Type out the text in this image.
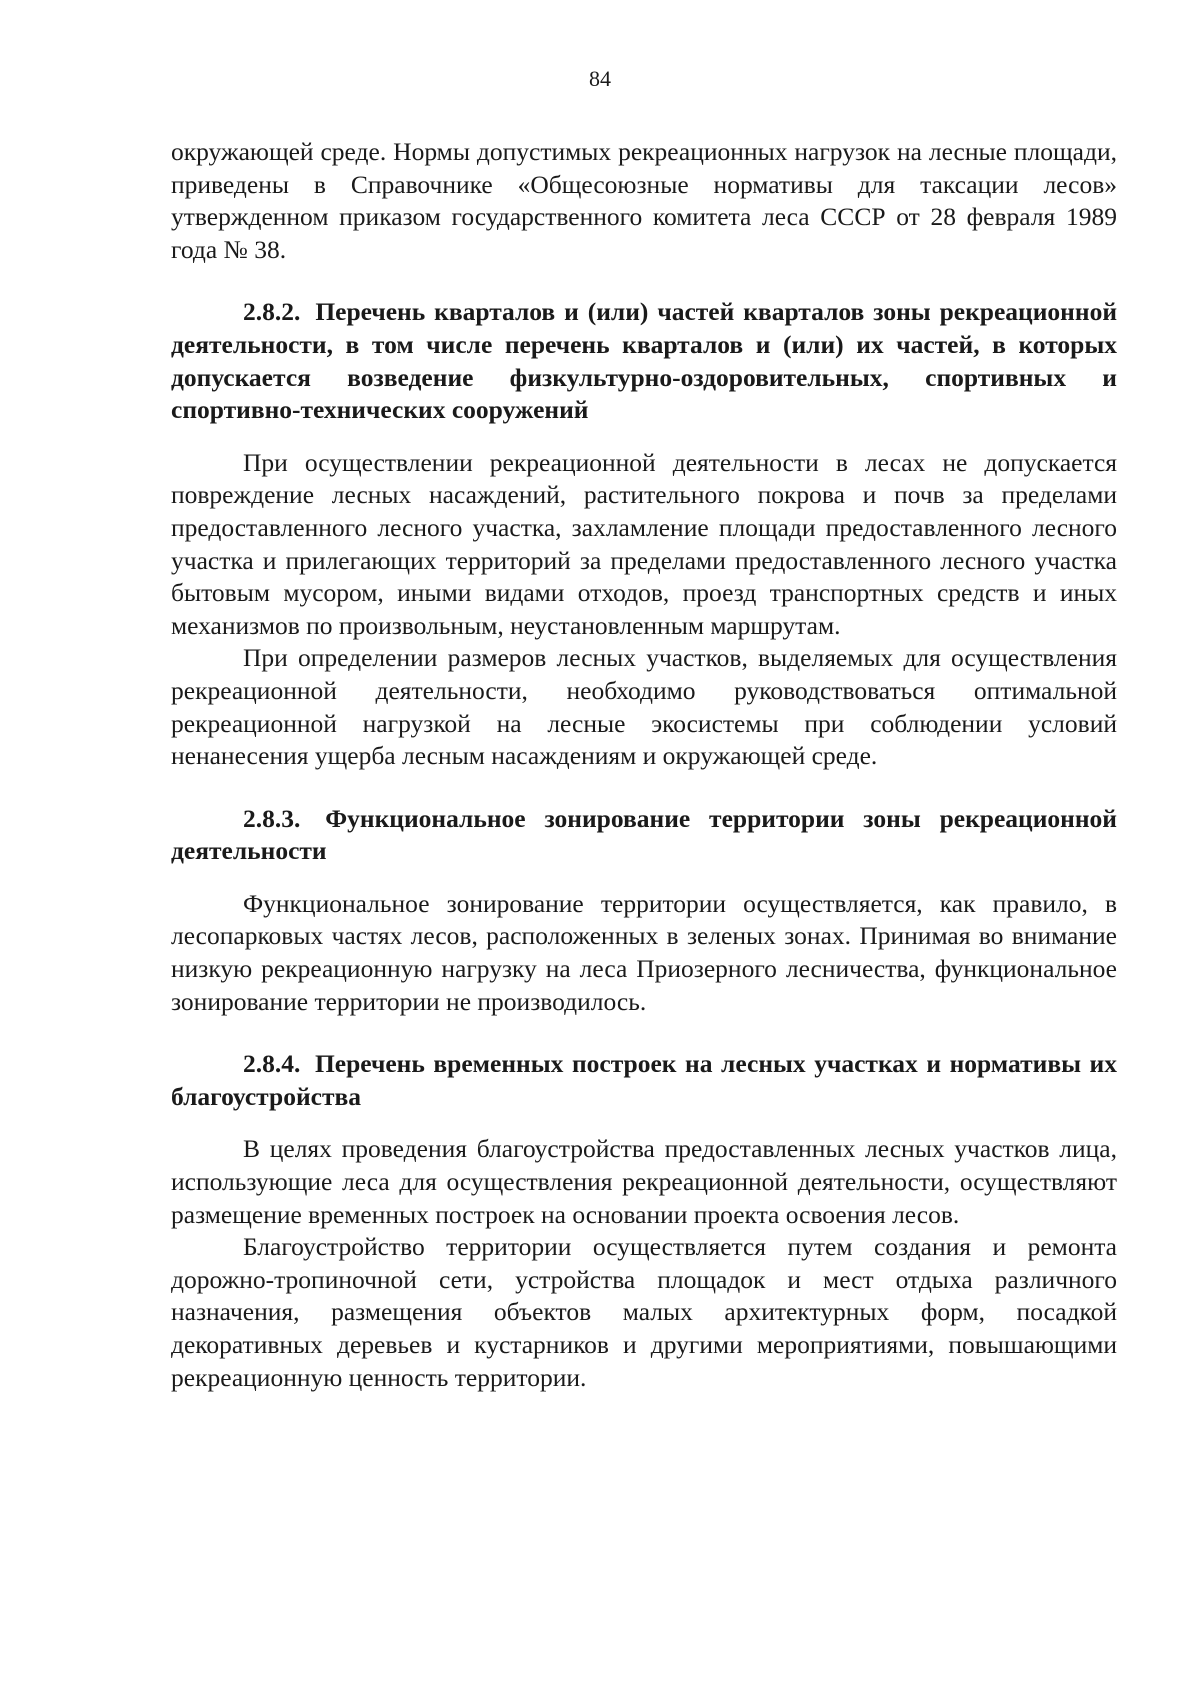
84

окружающей среде. Нормы допустимых рекреационных нагрузок на лесные площади, приведены в Справочнике «Общесоюзные нормативы для таксации лесов» утвержденном приказом государственного комитета леса СССР от 28 февраля 1989 года № 38.

2.8.2. Перечень кварталов и (или) частей кварталов зоны рекреационной деятельности, в том числе перечень кварталов и (или) их частей, в которых допускается возведение физкультурно-оздоровительных, спортивных и спортивно-технических сооружений

При осуществлении рекреационной деятельности в лесах не допускается повреждение лесных насаждений, растительного покрова и почв за пределами предоставленного лесного участка, захламление площади предоставленного лесного участка и прилегающих территорий за пределами предоставленного лесного участка бытовым мусором, иными видами отходов, проезд транспортных средств и иных механизмов по произвольным, неустановленным маршрутам.

При определении размеров лесных участков, выделяемых для осуществления рекреационной деятельности, необходимо руководствоваться оптимальной рекреационной нагрузкой на лесные экосистемы при соблюдении условий ненанесения ущерба лесным насаждениям и окружающей среде.

2.8.3. Функциональное зонирование территории зоны рекреационной деятельности

Функциональное зонирование территории осуществляется, как правило, в лесопарковых частях лесов, расположенных в зеленых зонах. Принимая во внимание низкую рекреационную нагрузку на леса Приозерного лесничества, функциональное зонирование территории не производилось.

2.8.4. Перечень временных построек на лесных участках и нормативы их благоустройства

В целях проведения благоустройства предоставленных лесных участков лица, использующие леса для осуществления рекреационной деятельности, осуществляют размещение временных построек на основании проекта освоения лесов.

Благоустройство территории осуществляется путем создания и ремонта дорожно-тропиночной сети, устройства площадок и мест отдыха различного назначения, размещения объектов малых архитектурных форм, посадкой декоративных деревьев и кустарников и другими мероприятиями, повышающими рекреационную ценность территории.
